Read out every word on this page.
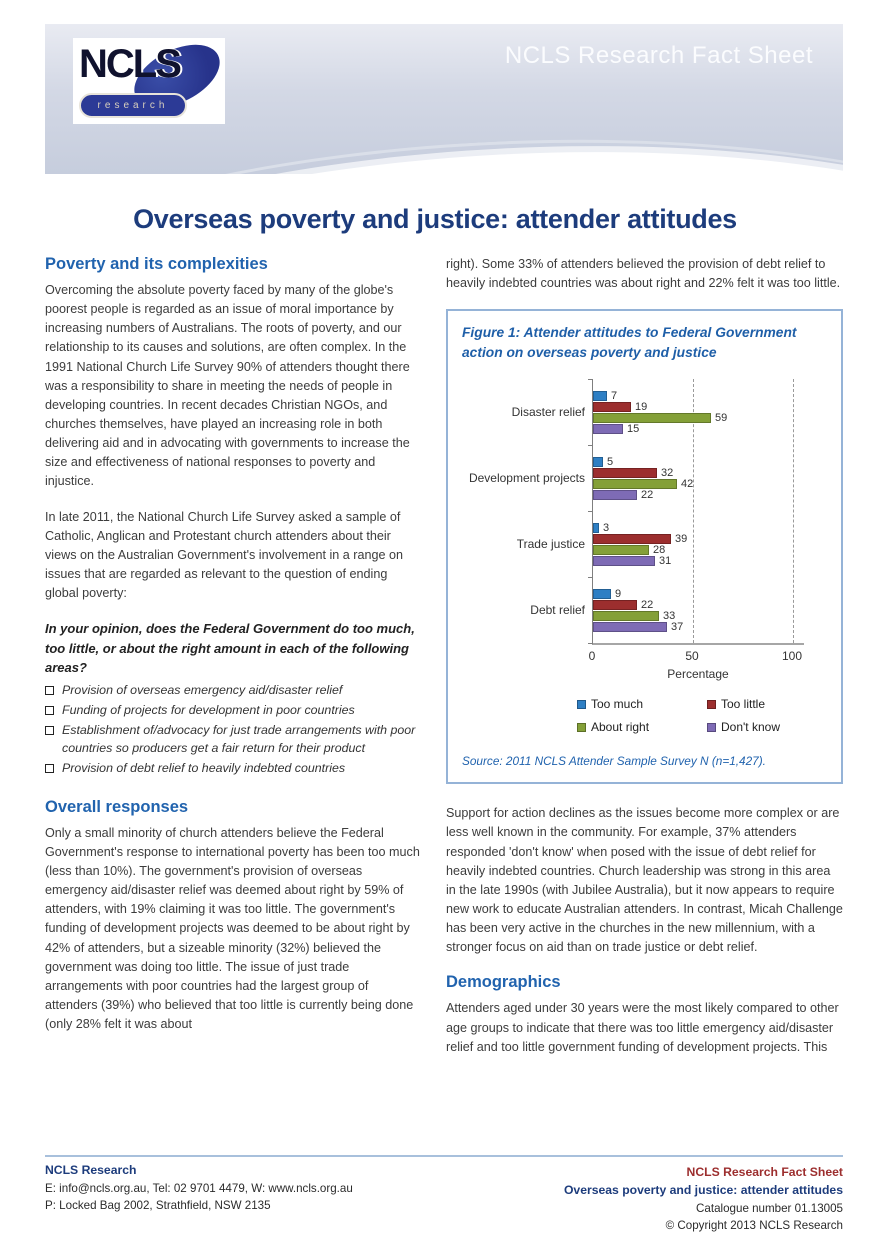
NCLS Research Fact Sheet
NCLS
research
Overseas poverty and justice: attender attitudes
Poverty and its complexities

Overcoming the absolute poverty faced by many of the globe's poorest people is regarded as an issue of moral importance by increasing numbers of Australians. The roots of poverty, and our relationship to its causes and solutions, are often complex. In the 1991 National Church Life Survey 90% of attenders thought there was a responsibility to share in meeting the needs of people in developing countries. In recent decades Christian NGOs, and churches themselves, have played an increasing role in both delivering aid and in advocating with governments to increase the size and effectiveness of national responses to poverty and injustice.

In late 2011, the National Church Life Survey asked a sample of Catholic, Anglican and Protestant church attenders about their views on the Australian Government's involvement in a range on issues that are regarded as relevant to the question of ending global poverty:

In your opinion, does the Federal Government do too much, too little, or about the right amount in each of the following areas?

Provision of overseas emergency aid/disaster relief
Funding of projects for development in poor countries
Establishment of/advocacy for just trade arrangements with poor countries so producers get a fair return for their product
Provision of debt relief to heavily indebted countries
Overall responses

Only a small minority of church attenders believe the Federal Government's response to international poverty has been too much (less than 10%). The government's provision of overseas emergency aid/disaster relief was deemed about right by 59% of attenders, with 19% claiming it was too little. The government's funding of development projects was deemed to be about right by 42% of attenders, but a sizeable minority (32%) believed the government was doing too little. The issue of just trade arrangements with poor countries had the largest group of attenders (39%) who believed that too little is currently being done (only 28% felt it was about

right). Some 33% of attenders believed the provision of debt relief to heavily indebted countries was about right and 22% felt it was too little.

Figure 1: Attender attitudes to Federal Government action on overseas poverty and justice
Disaster relief
Development projects
Trade justice
Debt relief
7
19
59
15
5
32
42
22
3
39
28
31
9
22
33
37
0	50	100
Percentage
Too much	Too little
About right	Don't know
Source: 2011 NCLS Attender Sample Survey N (n=1,427).

Support for action declines as the issues become more complex or are less well known in the community. For example, 37% attenders responded 'don't know' when posed with the issue of debt relief for heavily indebted countries. Church leadership was strong in this area in the late 1990s (with Jubilee Australia), but it now appears to require new work to educate Australian attenders. In contrast, Micah Challenge has been very active in the churches in the new millennium, with a stronger focus on aid than on trade justice or debt relief.

Demographics

Attenders aged under 30 years were the most likely compared to other age groups to indicate that there was too little emergency aid/disaster relief and too little government funding of development projects. This

NCLS Research
E: info@ncls.org.au, Tel: 02 9701 4479, W: www.ncls.org.au
P: Locked Bag 2002, Strathfield, NSW 2135
NCLS Research Fact Sheet
Overseas poverty and justice: attender attitudes
Catalogue number 01.13005
© Copyright 2013 NCLS Research
